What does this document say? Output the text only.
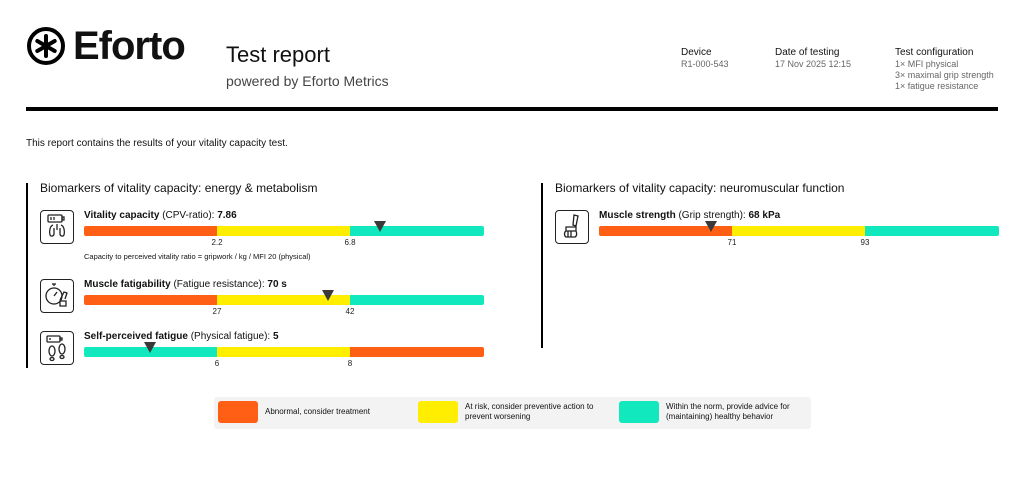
Eforto Test report
powered by Eforto Metrics
Device
R1-000-543
Date of testing
17 Nov 2025 12:15
Test configuration
1× MFI physical
3× maximal grip strength
1× fatigue resistance
This report contains the results of your vitality capacity test.
Biomarkers of vitality capacity: energy & metabolism
Vitality capacity (CPV-ratio): 7.86
2.2	6.8
Capacity to perceived vitality ratio = gripwork / kg / MFI 20 (physical)
Muscle fatigability (Fatigue resistance): 70 s
27	42
Self-perceived fatigue (Physical fatigue): 5
6	8
Biomarkers of vitality capacity: neuromuscular function
Muscle strength (Grip strength): 68 kPa
71	93
Abnormal, consider treatment
At risk, consider preventive action to prevent worsening
Within the norm, provide advice for (maintaining) healthy behavior
